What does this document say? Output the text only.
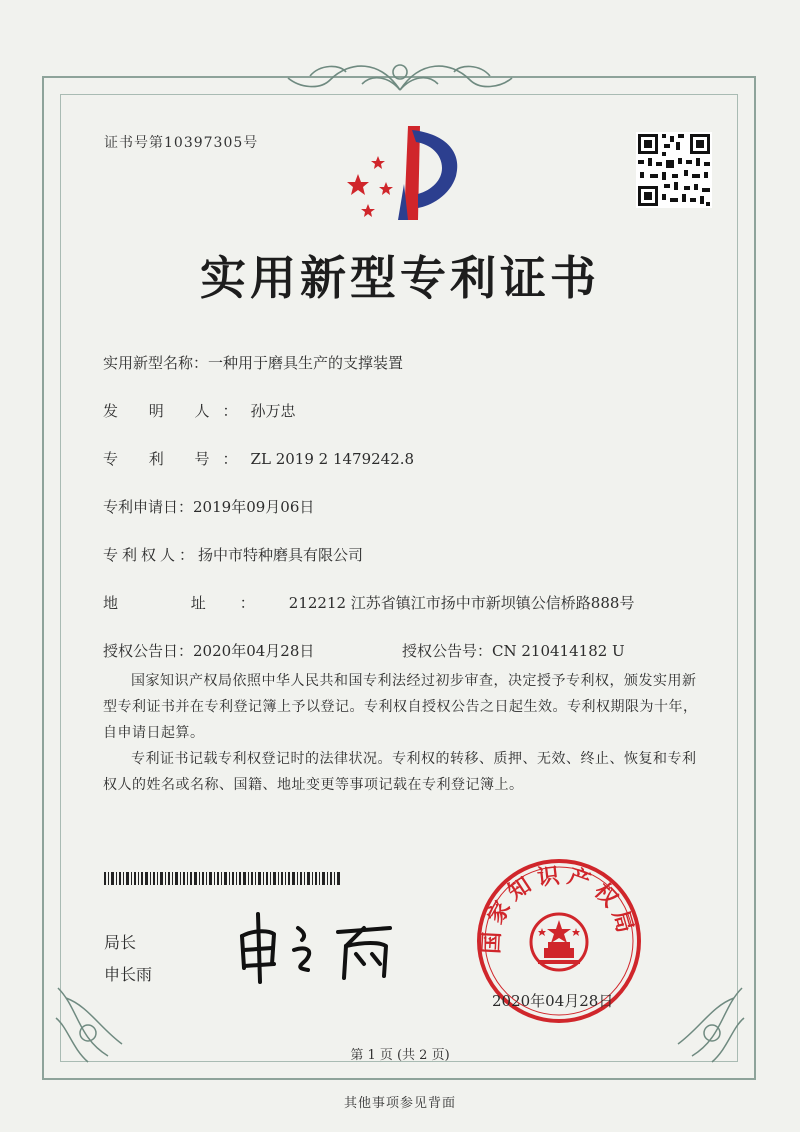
证书号第10397305号
实用新型专利证书
实用新型名称：一种用于磨具生产的支撑装置
发 明 人：孙万忠
专 利 号：ZL 2019 2 1479242.8
专利申请日：2019年09月06日
专利权人：扬中市特种磨具有限公司
地 址：212212 江苏省镇江市扬中市新坝镇公信桥路888号
授权公告日：2020年04月28日	授权公告号：CN 210414182 U

国家知识产权局依照中华人民共和国专利法经过初步审查，决定授予专利权，颁发实用新型专利证书并在专利登记簿上予以登记。专利权自授权公告之日起生效。专利权期限为十年，自申请日起算。

专利证书记载专利权登记时的法律状况。专利权的转移、质押、无效、终止、恢复和专利权人的姓名或名称、国籍、地址变更等事项记载在专利登记簿上。

局长
申长雨
国家知识产权局
2020年04月28日
第 1 页 (共 2 页)
其他事项参见背面
